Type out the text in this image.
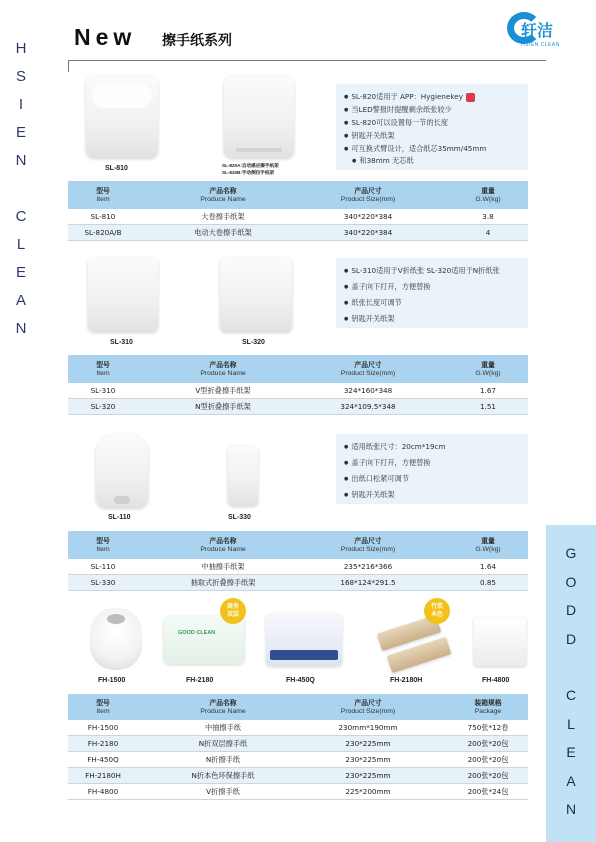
H
S
I
E
N
C
L
E
A
N
G
O
D
D
C
L
E
A
N
New 擦手纸系列
轩洁
HSIEN CLEAN
SL-810	SL-820A:自动感应擦手纸架
SL-820B:手动侧拉手纸架
● SL-820适用于 APP：Hygienekey
● 当LED警报时提醒剩余纸张较少
● SL-820可以设置每一节的长度
● 钥匙开关纸架
● 可互换式臂设计，适合纸芯35mm/45mm
● 和38mm 无芯纸
型号
Item
产品名称
Produce Name
产品尺寸
Product Size(mm)
重量
G.W(kg)
SL-810	大卷擦手纸架	340*220*384	3.8
SL-820A/B	电动大卷擦手纸架	340*220*384	4
SL-310	SL-320
● SL-310适用于V折纸张 SL-320适用于N折纸张
● 盖子向下打开，方便替换
● 纸张长度可调节
● 钥匙开关纸架
型号
Item
产品名称
Produce Name
产品尺寸
Product Size(mm)
重量
G.W(kg)
SL-310	V型折叠擦手纸架	324*160*348	1.67
SL-320	N型折叠擦手纸架	324*109.5*348	1.51
SL-110	SL-330
● 适用纸张尺寸：20cm*19cm
● 盖子向下打开，方便替换
● 出纸口松紧可调节
● 钥匙开关纸架
型号
Item
产品名称
Produce Name
产品尺寸
Product Size(mm)
重量
G.W(kg)
SL-110	中抽擦手纸架	235*216*366	1.64
SL-330	抽取式折叠擦手纸架	168*124*291.5	0.85
FH-1500
GOOD CLEAN
商务
双层
FH-2180	FH-450Q
竹浆
本色
FH-2180H	FH-4800
型号
Item
产品名称
Produce Name
产品尺寸
Product Size(mm)
装箱规格
Package
FH-1500	中抽擦手纸	230mm*190mm	750张*12卷
FH-2180	N折双层擦手纸	230*225mm	200张*20包
FH-450Q	N折擦手纸	230*225mm	200张*20包
FH-2180H	N折本色环保擦手纸	230*225mm	200张*20包
FH-4800	V折擦手纸	225*200mm	200张*24包
